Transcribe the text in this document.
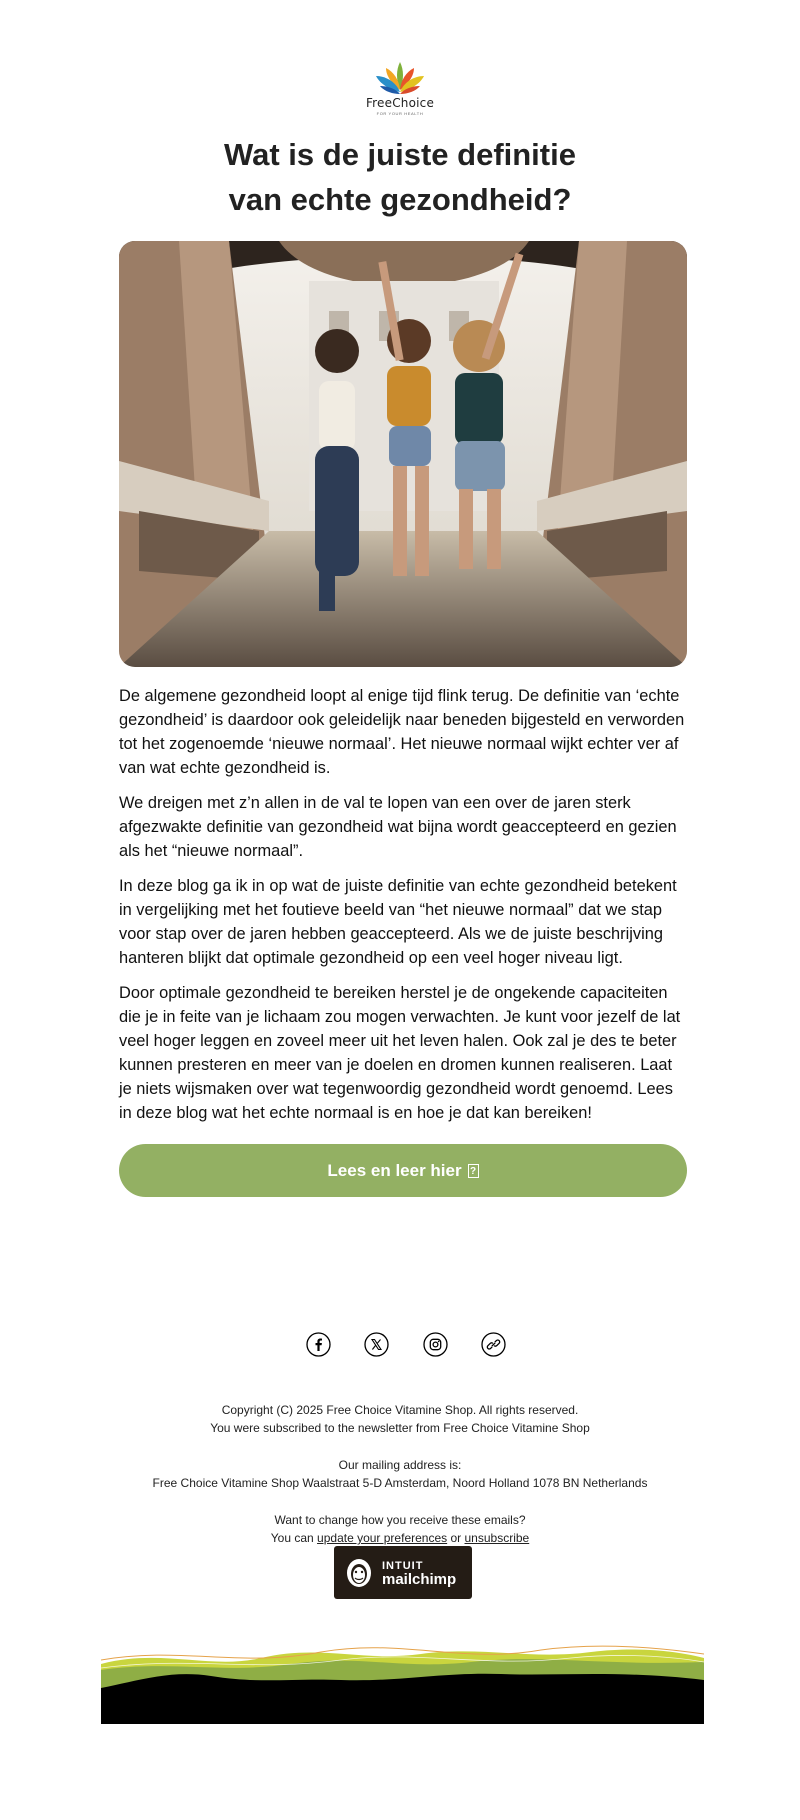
FreeChoice
FOR YOUR HEALTH
Wat is de juiste definitie
van echte gezondheid?

De algemene gezondheid loopt al enige tijd flink terug. De definitie van ‘echte gezondheid’ is daardoor ook geleidelijk naar beneden bijgesteld en verworden tot het zogenoemde ‘nieuwe normaal’. Het nieuwe normaal wijkt echter ver af van wat echte gezondheid is.

We dreigen met z’n allen in de val te lopen van een over de jaren sterk afgezwakte definitie van gezondheid wat bijna wordt geaccepteerd en gezien als het “nieuwe normaal”.

In deze blog ga ik in op wat de juiste definitie van echte gezondheid betekent in vergelijking met het foutieve beeld van “het nieuwe normaal” dat we stap voor stap over de jaren hebben geaccepteerd. Als we de juiste beschrijving hanteren blijkt dat optimale gezondheid op een veel hoger niveau ligt.

Door optimale gezondheid te bereiken herstel je de ongekende capaciteiten die je in feite van je lichaam zou mogen verwachten. Je kunt voor jezelf de lat veel hoger leggen en zoveel meer uit het leven halen. Ook zal je des te beter kunnen presteren en meer van je doelen en dromen kunnen realiseren. Laat je niets wijsmaken over wat tegenwoordig gezondheid wordt genoemd. Lees in deze blog wat het echte normaal is en hoe je dat kan bereiken!

Lees en leer hier ?

Copyright (C) 2025 Free Choice Vitamine Shop. All rights reserved.

You were subscribed to the newsletter from Free Choice Vitamine Shop

Our mailing address is:

Free Choice Vitamine Shop Waalstraat 5-D Amsterdam, Noord Holland 1078 BN Netherlands

Want to change how you receive these emails?

You can update your preferences or unsubscribe

INTUIT
mailchimp
